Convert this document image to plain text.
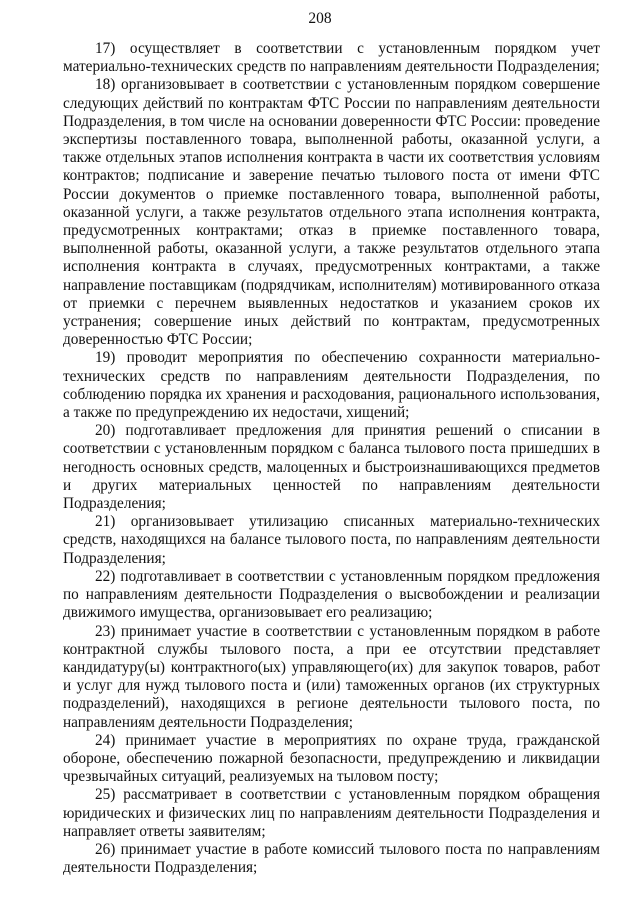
208

17) осуществляет в соответствии с установленным порядком учет материально-технических средств по направлениям деятельности Подразделения;

18) организовывает в соответствии с установленным порядком совершение следующих действий по контрактам ФТС России по направлениям деятельности Подразделения, в том числе на основании доверенности ФТС России: проведение экспертизы поставленного товара, выполненной работы, оказанной услуги, а также отдельных этапов исполнения контракта в части их соответствия условиям контрактов; подписание и заверение печатью тылового поста от имени ФТС России документов о приемке поставленного товара, выполненной работы, оказанной услуги, а также результатов отдельного этапа исполнения контракта, предусмотренных контрактами; отказ в приемке поставленного товара, выполненной работы, оказанной услуги, а также результатов отдельного этапа исполнения контракта в случаях, предусмотренных контрактами, а также направление поставщикам (подрядчикам, исполнителям) мотивированного отказа от приемки с перечнем выявленных недостатков и указанием сроков их устранения; совершение иных действий по контрактам, предусмотренных доверенностью ФТС России;

19) проводит мероприятия по обеспечению сохранности материально-технических средств по направлениям деятельности Подразделения, по соблюдению порядка их хранения и расходования, рационального использования, а также по предупреждению их недостачи, хищений;

20) подготавливает предложения для принятия решений о списании в соответствии с установленным порядком с баланса тылового поста пришедших в негодность основных средств, малоценных и быстроизнашивающихся предметов и других материальных ценностей по направлениям деятельности Подразделения;

21) организовывает утилизацию списанных материально-технических средств, находящихся на балансе тылового поста, по направлениям деятельности Подразделения;

22) подготавливает в соответствии с установленным порядком предложения по направлениям деятельности Подразделения о высвобождении и реализации движимого имущества, организовывает его реализацию;

23) принимает участие в соответствии с установленным порядком в работе контрактной службы тылового поста, а при ее отсутствии представляет кандидатуру(ы) контрактного(ых) управляющего(их) для закупок товаров, работ и услуг для нужд тылового поста и (или) таможенных органов (их структурных подразделений), находящихся в регионе деятельности тылового поста, по направлениям деятельности Подразделения;

24) принимает участие в мероприятиях по охране труда, гражданской обороне, обеспечению пожарной безопасности, предупреждению и ликвидации чрезвычайных ситуаций, реализуемых на тыловом посту;

25) рассматривает в соответствии с установленным порядком обращения юридических и физических лиц по направлениям деятельности Подразделения и направляет ответы заявителям;

26) принимает участие в работе комиссий тылового поста по направлениям деятельности Подразделения;
